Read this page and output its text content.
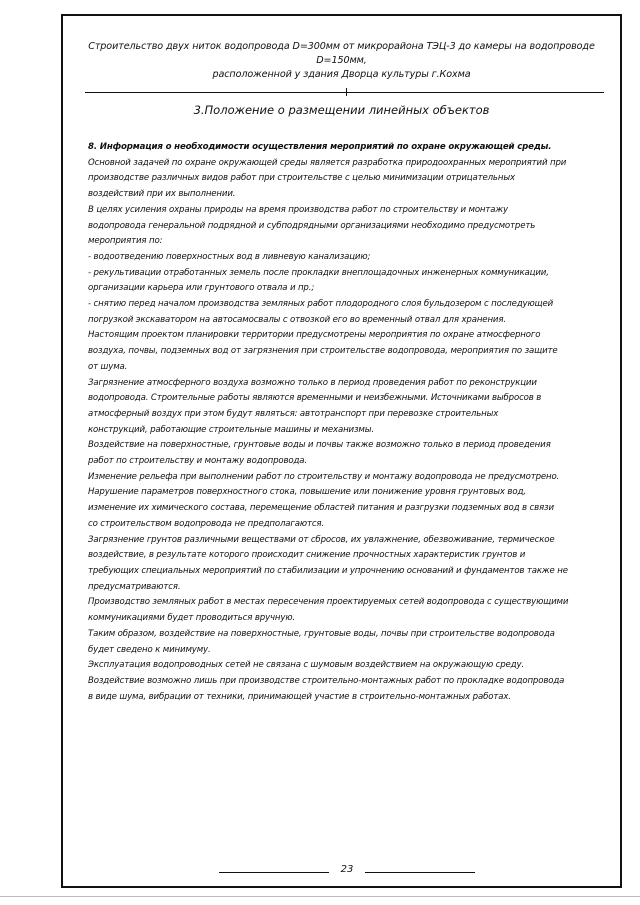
Строительство двух ниток водопровода D=300мм от микрорайона ТЭЦ-3 до камеры на водопроводе D=150мм,
расположенной у здания Дворца культуры г.Кохма
3.Положение о размещении линейных объектов

8. Информация о необходимости осуществления мероприятий по охране окружающей среды.

Основной задачей по охране окружающей среды является разработка природоохранных мероприятий при

производстве различных видов работ при строительстве с целью минимизации отрицательных

воздействий при их выполнении.

В целях усиления охраны природы на время производства работ по строительству и монтажу

водопровода генеральной подрядной и субподрядными организациями необходимо предусмотреть

мероприятия по:

- водоотведению поверхностных вод в ливневую канализацию;

- рекультивации отработанных земель после прокладки внеплощадочных инженерных коммуникации,

организации карьера или грунтового отвала и пр.;

- снятию перед началом производства земляных работ плодородного слоя бульдозером с последующей

погрузкой экскаватором на автосамосвалы с отвозкой его во временный отвал для хранения.

Настоящим проектом планировки территории предусмотрены мероприятия по охране атмосферного

воздуха, почвы, подземных вод от загрязнения при строительстве водопровода, мероприятия по защите

от шума.

Загрязнение атмосферного воздуха возможно только в период проведения работ по реконструкции

водопровода. Строительные работы являются временными и неизбежными. Источниками выбросов в

атмосферный воздух при этом будут являться: автотранспорт при перевозке строительных

конструкций, работающие строительные машины и механизмы.

Воздействие на поверхностные, грунтовые воды и почвы также возможно только в период проведения

работ по строительству и монтажу водопровода.

Изменение рельефа при выполнении работ по строительству и монтажу водопровода не предусмотрено.

Нарушение параметров поверхностного стока, повышение или понижение уровня грунтовых вод,

изменение их химического состава, перемещение областей питания и разгрузки подземных вод в связи

со строительством водопровода не предполагаются.

Загрязнение грунтов различными веществами от сбросов, их увлажнение, обезвоживание, термическое

воздействие, в результате которого происходит снижение прочностных характеристик грунтов и

требующих специальных мероприятий по стабилизации и упрочнению оснований и фундаментов также не

предусматриваются.

Производство земляных работ в местах пересечения проектируемых сетей водопровода с существующими

коммуникациями будет проводиться вручную.

Таким образом, воздействие на поверхностные, грунтовые воды, почвы при строительстве водопровода

будет сведено к минимуму.

Эксплуатация водопроводных сетей не связана с шумовым воздействием на окружающую среду.

Воздействие возможно лишь при производстве строительно-монтажных работ по прокладке водопровода

в виде шума, вибрации от техники, принимающей участие в строительно-монтажных работах.

23
